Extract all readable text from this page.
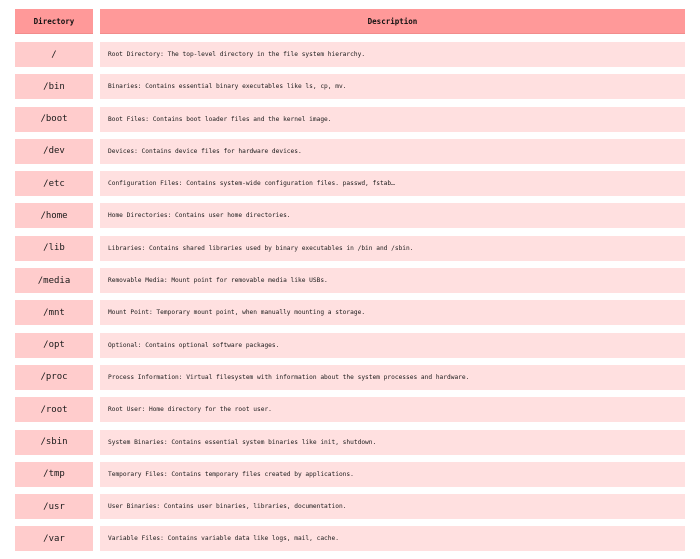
Directory	Description
/	Root Directory: The top-level directory in the file system hierarchy.
/bin	Binaries: Contains essential binary executables like ls, cp, mv.
/boot	Boot Files: Contains boot loader files and the kernel image.
/dev	Devices: Contains device files for hardware devices.
/etc	Configuration Files: Contains system-wide configuration files. passwd, fstab…
/home	Home Directories: Contains user home directories.
/lib	Libraries: Contains shared libraries used by binary executables in /bin and /sbin.
/media	Removable Media: Mount point for removable media like USBs.
/mnt	Mount Point: Temporary mount point, when manually mounting a storage.
/opt	Optional: Contains optional software packages.
/proc	Process Information: Virtual filesystem with information about the system processes and hardware.
/root	Root User: Home directory for the root user.
/sbin	System Binaries: Contains essential system binaries like init, shutdown.
/tmp	Temporary Files: Contains temporary files created by applications.
/usr	User Binaries: Contains user binaries, libraries, documentation.
/var	Variable Files: Contains variable data like logs, mail, cache.
